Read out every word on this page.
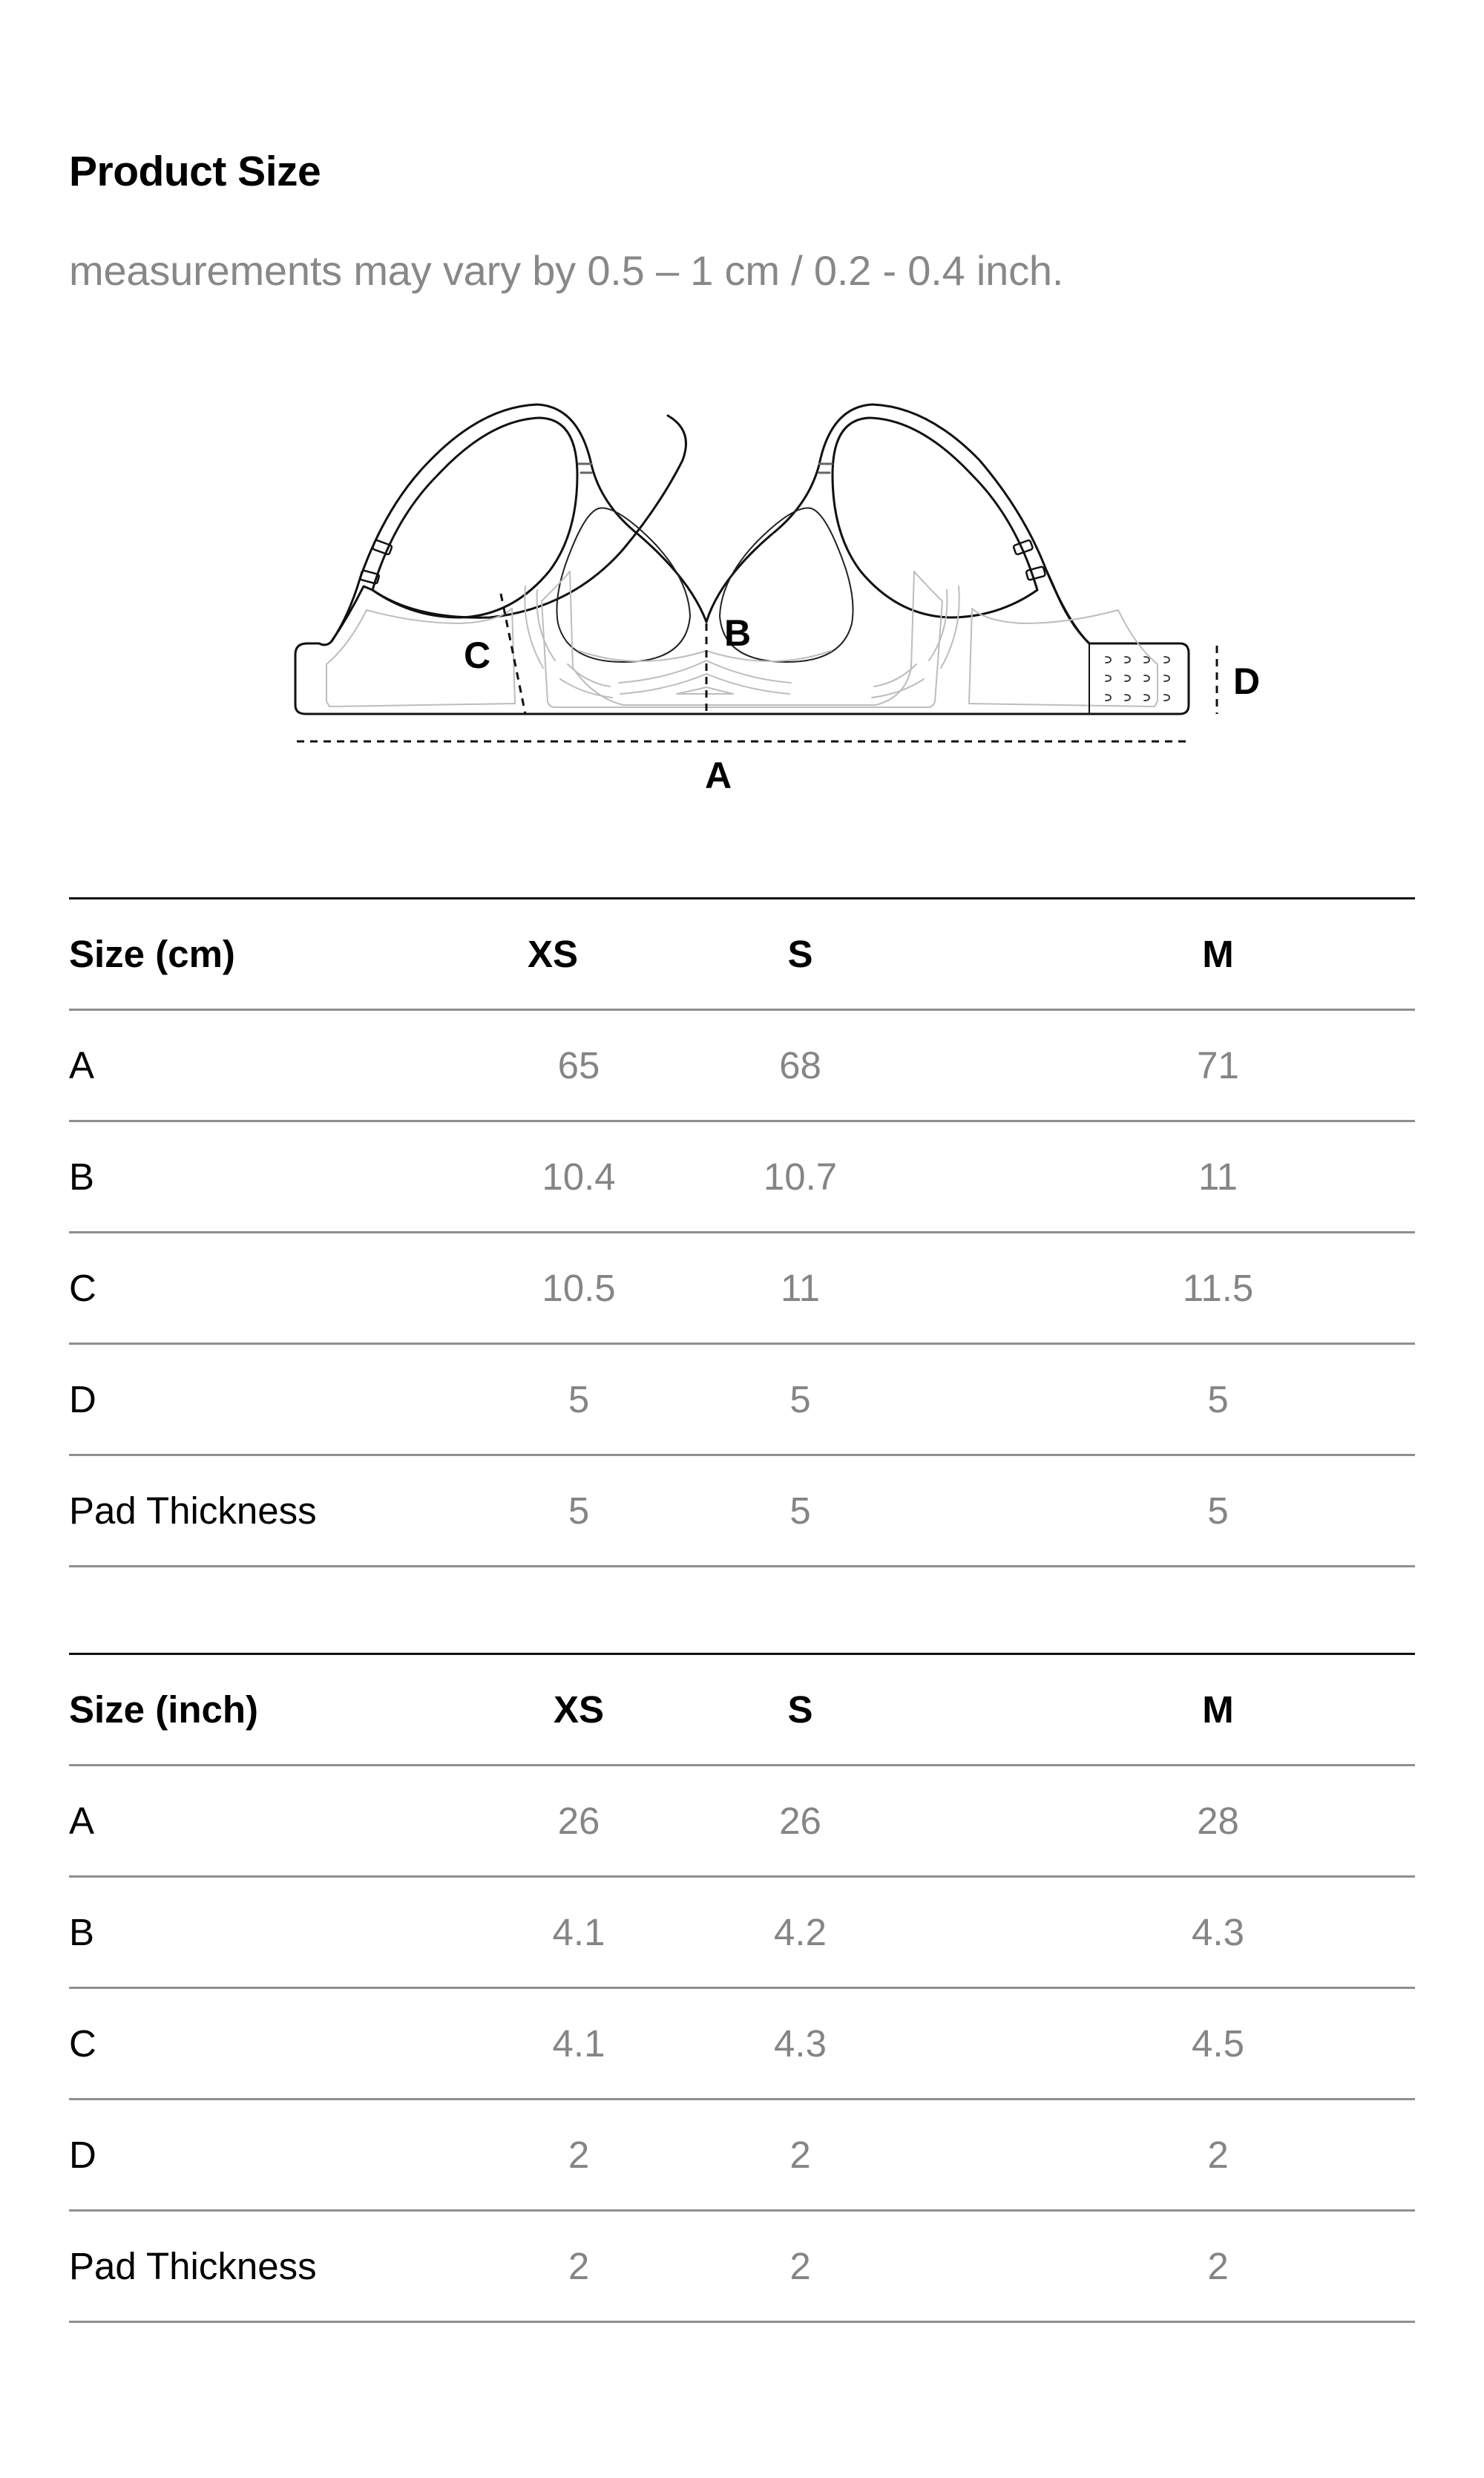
Product Size
measurements may vary by 0.5 – 1 cm / 0.2 - 0.4 inch.
A
B
C
D
Size (cm)	XS	S	M
A	65	68	71
B	10.4	10.7	11
C	10.5	11	11.5
D	5	5	5
Pad Thickness	5	5	5
Size (inch)	XS	S	M
A	26	26	28
B	4.1	4.2	4.3
C	4.1	4.3	4.5
D	2	2	2
Pad Thickness	2	2	2
